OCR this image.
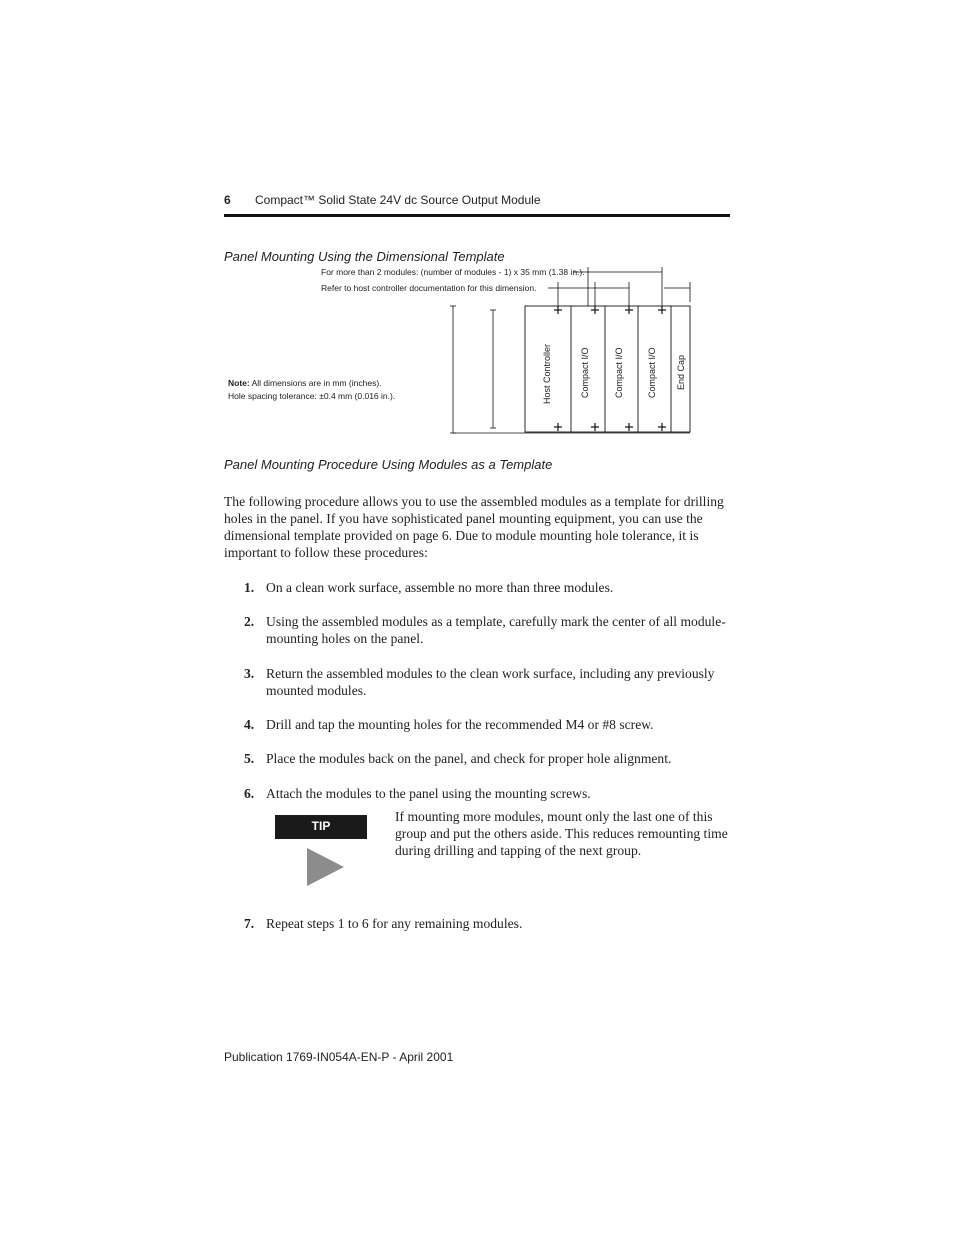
6 Compact™ Solid State 24V dc Source Output Module
Panel Mounting Using the Dimensional Template
For more than 2 modules: (number of modules - 1) x 35 mm (1.38 in.).
Refer to host controller documentation for this dimension.
Note: All dimensions are in mm (inches).
Hole spacing tolerance: ±0.4 mm (0.016 in.).	Host Controller	Compact I/O	Compact I/O	Compact I/O End Cap
Panel Mounting Procedure Using Modules as a Template
The following procedure allows you to use the assembled modules as a template for drilling holes in the panel. If you have sophisticated panel mounting equipment, you can use the dimensional template provided on page 6. Due to module mounting hole tolerance, it is important to follow these procedures:
1. On a clean work surface, assemble no more than three modules.
2. Using the assembled modules as a template, carefully mark the center of all module-mounting holes on the panel.
3. Return the assembled modules to the clean work surface, including any previously mounted modules.
4. Drill and tap the mounting holes for the recommended M4 or #8 screw.
5. Place the modules back on the panel, and check for proper hole alignment.
6. Attach the modules to the panel using the mounting screws.
TIP
If mounting more modules, mount only the last one of this group and put the others aside. This reduces remounting time during drilling and tapping of the next group.
7. Repeat steps 1 to 6 for any remaining modules.
Publication 1769-IN054A-EN-P - April 2001
